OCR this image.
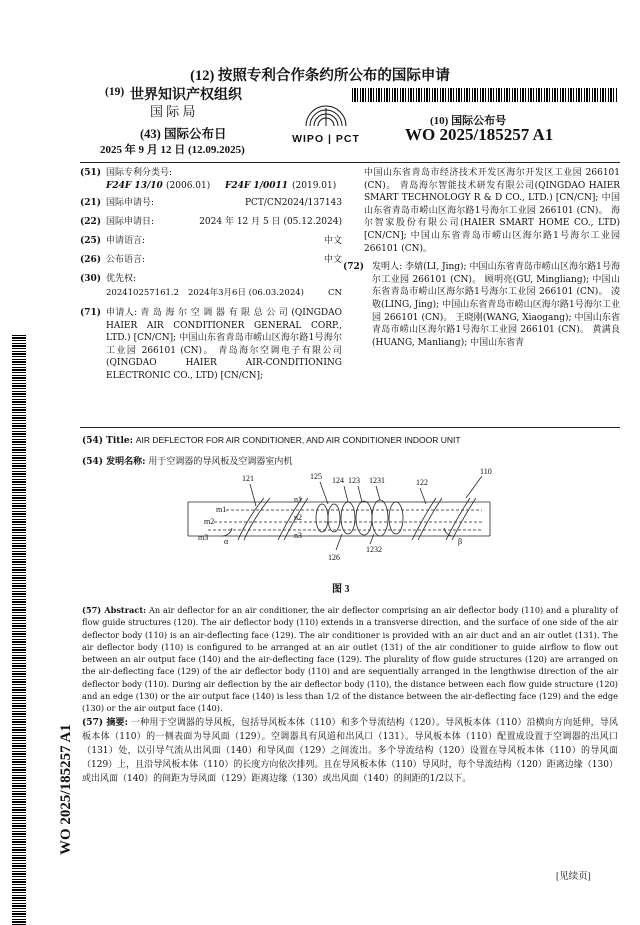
(12) 按照专利合作条约所公布的国际申请
(19) 世界知识产权组织
国 际 局
(43) 国际公布日
2025 年 9 月 12 日 (12.09.2025)
WIPO | PCT
(10) 国际公布号
WO 2025/185257 A1
(51) 国际专利分类号:
F24F 13/10 (2006.01) F24F 1/0011 (2019.01)
(21) 国际申请号:	PCT/CN2024/137143
(22) 国际申请日:	2024 年 12 月 5 日 (05.12.2024)
(25) 申请语言:	中文
(26) 公布语言:	中文
(30) 优先权:
202410257161.2 2024年3月6日 (06.03.2024)	CN
(71) 申请人: 青 岛 海 尔 空 调 器 有 限 总 公 司 (QINGDAO HAIER AIR CONDITIONER GENERAL CORP., LTD.) [CN/CN]; 中国山东省青岛市崂山区海尔路1号海尔工业园 266101 (CN)。 青岛海尔空调电子有限公司(QINGDAO HAIER AIR-CONDITIONING ELECTRONIC CO., LTD) [CN/CN];
中国山东省青岛市经济技术开发区海尔开发区工业园 266101 (CN)。 青岛海尔智能技术研发有限公司(QINGDAO HAIER SMART TECHNOLOGY R & D CO., LTD.) [CN/CN]; 中国山东省青岛市崂山区海尔路1号海尔工业园 266101 (CN)。 海尔智家股份有限公司(HAIER SMART HOME CO., LTD) [CN/CN]; 中国山东省青岛市崂山区海尔路1号海尔工业园 266101 (CN)。
(72) 发明人: 李婧(LI, Jing); 中国山东省青岛市崂山区海尔路1号海尔工业园 266101 (CN)。 顾明亮(GU, Mingliang); 中国山东省青岛市崂山区海尔路1号海尔工业园 266101 (CN)。 凌敬(LING, Jing); 中国山东省青岛市崂山区海尔路1号海尔工业园 266101 (CN)。 王晓刚(WANG, Xiaogang); 中国山东省青岛市崂山区海尔路1号海尔工业园 266101 (CN)。 黄满良(HUANG, Manliang); 中国山东省青
(54) Title: AIR DEFLECTOR FOR AIR CONDITIONER, AND AIR CONDITIONER INDOOR UNIT
(54) 发明名称: 用于空调器的导风板及空调器室内机
121	125 124 123 1231	122
110
n1
n2
n3
m1
m2
m3 α	β
126
1232
图 3
(57) Abstract: An air deflector for an air conditioner, the air deflector comprising an air deflector body (110) and a plurality of flow guide structures (120). The air deflector body (110) extends in a transverse direction, and the surface of one side of the air deflector body (110) is an air-deflecting face (129). The air conditioner is provided with an air duct and an air outlet (131). The air deflector body (110) is configured to be arranged at an air outlet (131) of the air conditioner to guide airflow to flow out between an air output face (140) and the air-deflecting face (129). The plurality of flow guide structures (120) are arranged on the air-deflecting face (129) of the air deflector body (110) and are sequentially arranged in the lengthwise direction of the air deflector body (110). During air deflection by the air deflector body (110), the distance between each flow guide structure (120) and an edge (130) or the air output face (140) is less than 1/2 of the distance between the air-deflecting face (129) and the edge (130) or the air output face (140).
(57) 摘要: 一种用于空调器的导风板，包括导风板本体（110）和多个导流结构（120）。导风板本体（110）沿横向方向延伸，导风板本体（110）的一侧表面为导风面（129）。空调器具有风道和出风口（131）。导风板本体（110）配置成设置于空调器的出风口（131）处，以引导气流从出风面（140）和导风面（129）之间流出。多个导流结构（120）设置在导风板本体（110）的导风面（129）上，且沿导风板本体（110）的长度方向依次排列。且在导风板本体（110）导风时，每个导流结构（120）距离边缘（130）或出风面（140）的间距为导风面（129）距离边缘（130）或出风面（140）的间距的1/2以下。
WO 2025/185257 A1
[见续页]
